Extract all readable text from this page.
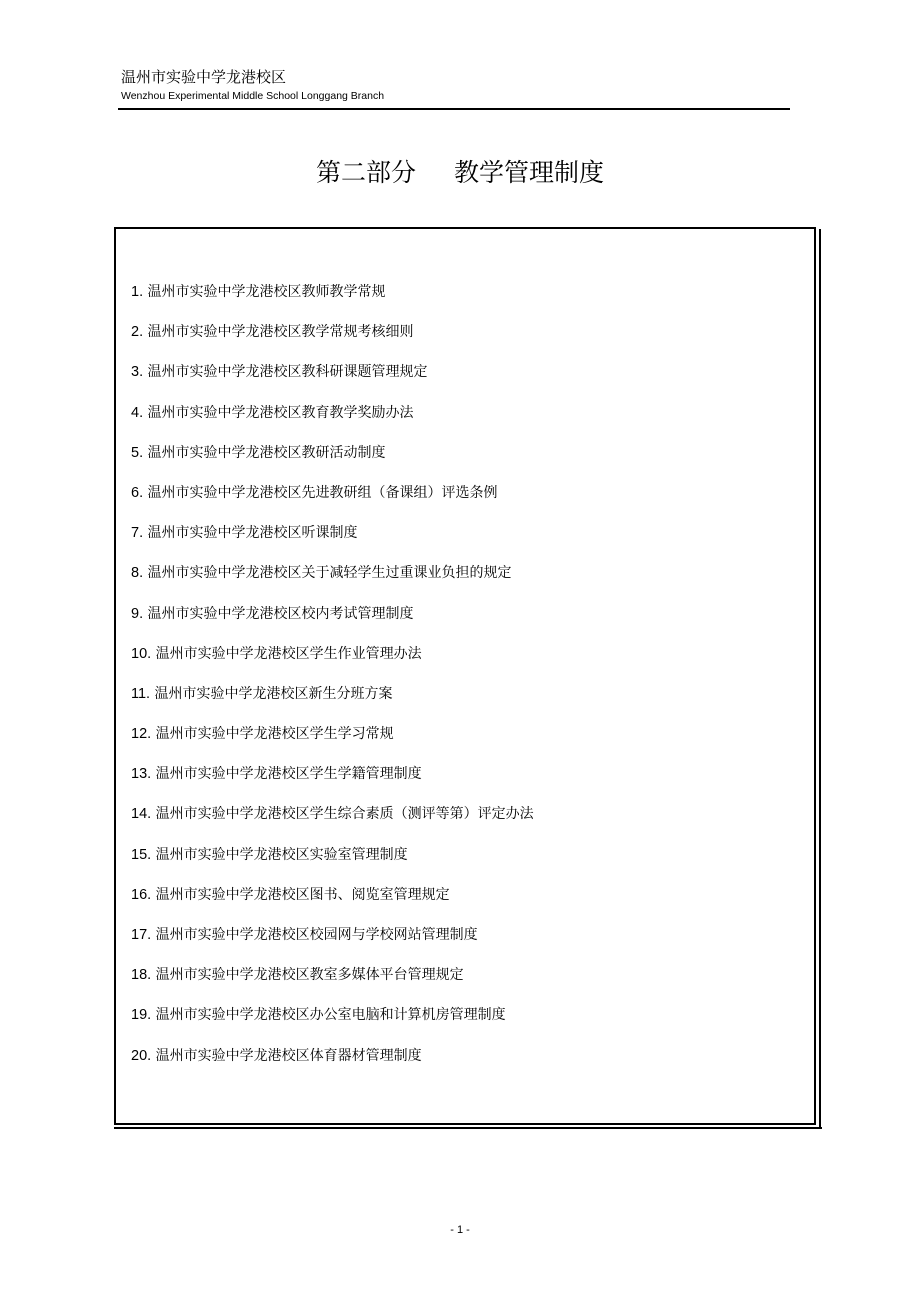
温州市实验中学龙港校区
Wenzhou Experimental Middle School Longgang Branch
第二部分 教学管理制度
1. 温州市实验中学龙港校区教师教学常规
2. 温州市实验中学龙港校区教学常规考核细则
3. 温州市实验中学龙港校区教科研课题管理规定
4. 温州市实验中学龙港校区教育教学奖励办法
5. 温州市实验中学龙港校区教研活动制度
6. 温州市实验中学龙港校区先进教研组（备课组）评选条例
7. 温州市实验中学龙港校区听课制度
8. 温州市实验中学龙港校区关于减轻学生过重课业负担的规定
9. 温州市实验中学龙港校区校内考试管理制度
10. 温州市实验中学龙港校区学生作业管理办法
11. 温州市实验中学龙港校区新生分班方案
12. 温州市实验中学龙港校区学生学习常规
13. 温州市实验中学龙港校区学生学籍管理制度
14. 温州市实验中学龙港校区学生综合素质（测评等第）评定办法
15. 温州市实验中学龙港校区实验室管理制度
16. 温州市实验中学龙港校区图书、阅览室管理规定
17. 温州市实验中学龙港校区校园网与学校网站管理制度
18. 温州市实验中学龙港校区教室多媒体平台管理规定
19. 温州市实验中学龙港校区办公室电脑和计算机房管理制度
20. 温州市实验中学龙港校区体育器材管理制度
- 1 -
